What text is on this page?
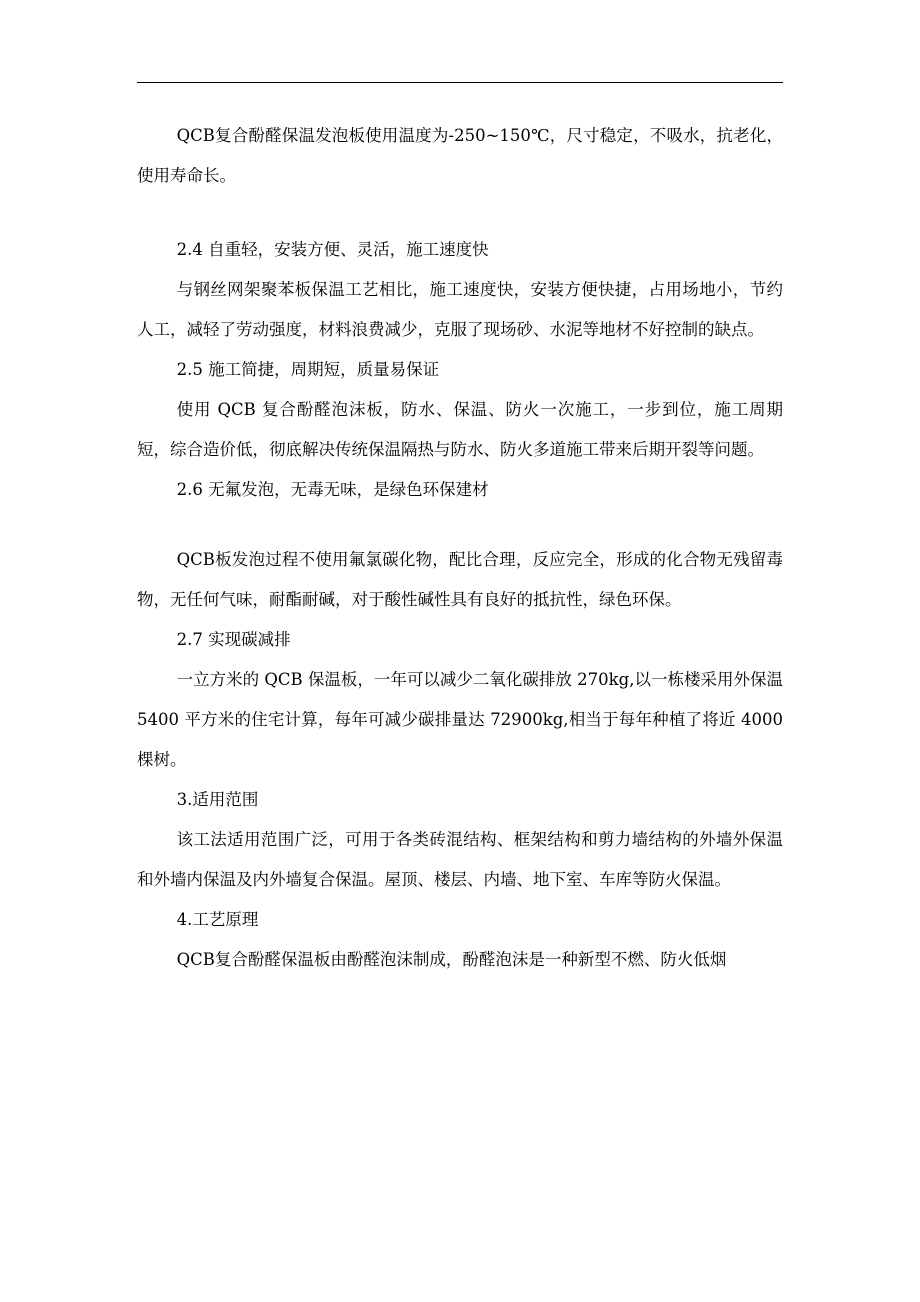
QCB复合酚醛保温发泡板使用温度为-250~150℃，尺寸稳定，不吸水，抗老化，使用寿命长。

2.4 自重轻，安装方便、灵活，施工速度快

与钢丝网架聚苯板保温工艺相比，施工速度快，安装方便快捷，占用场地小，节约人工，减轻了劳动强度，材料浪费减少，克服了现场砂、水泥等地材不好控制的缺点。

2.5 施工简捷，周期短，质量易保证

使用 QCB 复合酚醛泡沫板，防水、保温、防火一次施工，一步到位，施工周期短，综合造价低，彻底解决传统保温隔热与防水、防火多道施工带来后期开裂等问题。

2.6 无氟发泡，无毒无味，是绿色环保建材

QCB板发泡过程不使用氟氯碳化物，配比合理，反应完全，形成的化合物无残留毒物，无任何气味，耐酯耐碱，对于酸性碱性具有良好的抵抗性，绿色环保。

2.7 实现碳减排

一立方米的 QCB 保温板，一年可以减少二氧化碳排放 270kg,以一栋楼采用外保温 5400 平方米的住宅计算，每年可减少碳排量达 72900kg,相当于每年种植了将近 4000 棵树。

3.适用范围

该工法适用范围广泛，可用于各类砖混结构、框架结构和剪力墙结构的外墙外保温和外墙内保温及内外墙复合保温。屋顶、楼层、内墙、地下室、车库等防火保温。

4.工艺原理

QCB复合酚醛保温板由酚醛泡沫制成，酚醛泡沫是一种新型不燃、防火低烟
